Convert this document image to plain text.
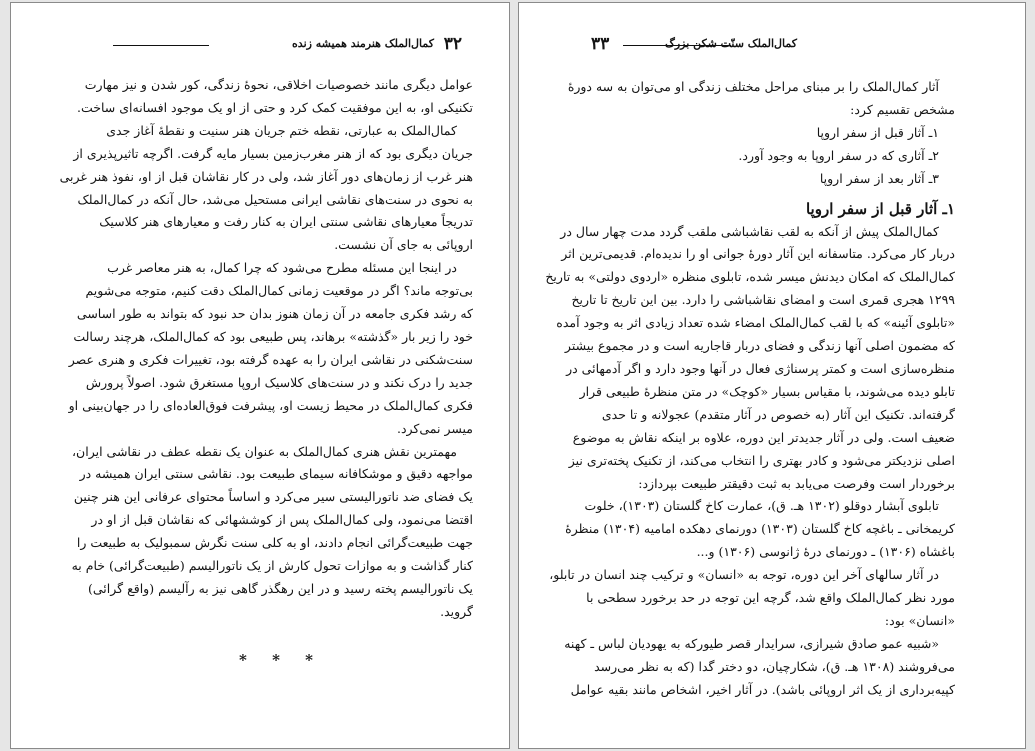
۳۲
کمال‌الملک هنرمند همیشه زنده
عوامل دیگری مانند خصوصیات اخلاقی، نحوهٔ زندگی، کور شدن و نیز مهارت
تکنیکی او، به این موفقیت کمک کرد و حتی از او یک موجود افسانه‌ای ساخت.
کمال‌الملک به عبارتی، نقطه ختم جریان هنر سنیت و نقطهٔ آغاز جدی
جریان دیگری بود که از هنر مغرب‌زمین بسیار مایه گرفت. اگرچه تاثیرپذیری از
هنر غرب از زمان‌های دور آغاز شد، ولی در کار نقاشان قبل از او، نفوذ هنر غربی
به نحوی در سنت‌های نقاشی ایرانی مستحیل می‌شد، حال آنکه در کمال‌الملک
تدریجاً معیارهای نقاشی سنتی ایران به کنار رفت و معیارهای هنر کلاسیک
اروپائی به جای آن نشست.
در اینجا این مسئله مطرح می‌شود که چرا کمال، به هنر معاصر غرب
بی‌توجه ماند؟ اگر در موقعیت زمانی کمال‌الملک دقت کنیم، متوجه می‌شویم
که رشد فکری جامعه در آن زمان هنوز بدان حد نبود که بتواند به طور اساسی
خود را زیر بار «گذشته» برهاند، پس طبیعی بود که کمال‌الملک، هرچند رسالت
سنت‌شکنی در نقاشی ایران را به عهده گرفته بود، تغییرات فکری و هنری عصر
جدید را درک نکند و در سنت‌های کلاسیک اروپا مستغرق شود. اصولاً پرورش
فکری کمال‌الملک در محیط زیست او، پیشرفت فوق‌العاده‌ای را در جهان‌بینی او
میسر نمی‌کرد.
مهمترین نقش هنری کمال‌الملک به عنوان یک نقطه عطف در نقاشی ایران،
مواجهه دقیق و موشکافانه سیمای طبیعت بود. نقاشی سنتی ایران همیشه در
یک فضای ضد ناتورالیستی سیر می‌کرد و اساساً محتوای عرفانی این هنر چنین
اقتضا می‌نمود، ولی کمال‌الملک پس از کوششهائی که نقاشان قبل از او در
جهت طبیعت‌گرائی انجام دادند، او به کلی سنت نگرش سمبولیک به طبیعت را
کنار گذاشت و به موازات تحول کارش از یک ناتورالیسم (طبیعت‌گرائی) خام به
یک ناتورالیسم پخته رسید و در این رهگذر گاهی نیز به رآلیسم (واقع گرائی)
گروید.
* * *
۳۳	کمال‌الملک سنّت شکن بزرگ
آثار کمال‌الملک را بر مبنای مراحل مختلف زندگی او می‌توان به سه دورهٔ
مشخص تقسیم کرد:
۱ـ آثار قبل از سفر اروپا
۲ـ آثاری که در سفر اروپا به وجود آورد.
۳ـ آثار بعد از سفر اروپا
۱ـ آثار قبل از سفر اروپا
کمال‌الملک پیش از آنکه به لقب نقاشباشی ملقب گردد مدت چهار سال در
دربار کار می‌کرد. متاسفانه این آثار دورهٔ جوانی او را ندیده‌ام. قدیمی‌ترین اثر
کمال‌الملک که امکان دیدنش میسر شده، تابلوی منظره «اردوی دولتی» به تاریخ
۱۲۹۹ هجری قمری است و امضای نقاشباشی را دارد. بین این تاریخ تا تاریخ
«تابلوی آئینه» که با لقب کمال‌الملک امضاء شده تعداد زیادی اثر به وجود آمده
که مضمون اصلی آنها زندگی و فضای دربار قاجاریه است و در مجموع بیشتر
منظره‌سازی است و کمتر پرسناژی فعال در آنها وجود دارد و اگر آدمهائی در
تابلو دیده می‌شوند، با مقیاس بسیار «کوچک» در متن منظرهٔ طبیعی قرار
گرفته‌اند. تکنیک این آثار (به خصوص در آثار متقدم) عجولانه و تا حدی
ضعیف است. ولی در آثار جدیدتر این دوره، علاوه بر اینکه نقاش به موضوع
اصلی نزدیکتر می‌شود و کادر بهتری را انتخاب می‌کند، از تکنیک پخته‌تری نیز
برخوردار است وفرصت می‌یابد به ثبت دقیقتر طبیعت بپردازد:
تابلوی آبشار دوقلو (۱۳۰۲ هـ. ق)، عمارت کاخ گلستان (۱۳۰۳)، خلوت
کریمخانی ـ باغچه کاخ گلستان (۱۳۰۳) دورنمای دهکده امامیه (۱۳۰۴) منظرهٔ
باغشاه (۱۳۰۶) ـ دورنمای درهٔ ژانوسی (۱۳۰۶) و...
در آثار سالهای آخر این دوره، توجه به «انسان» و ترکیب چند انسان در تابلو،
مورد نظر کمال‌الملک واقع شد، گرچه این توجه در حد برخورد سطحی با
«انسان» بود:
«شبیه عمو صادق شیرازی، سرایدار قصر طیورکه به یهودیان لباس ـ کهنه
می‌فروشند (۱۳۰۸ هـ. ق)، شکارچیان، دو دختر گدا (که به نظر می‌رسد
کپیه‌برداری از یک اثر اروپائی باشد). در آثار اخیر، اشخاص مانند بقیه عوامل
